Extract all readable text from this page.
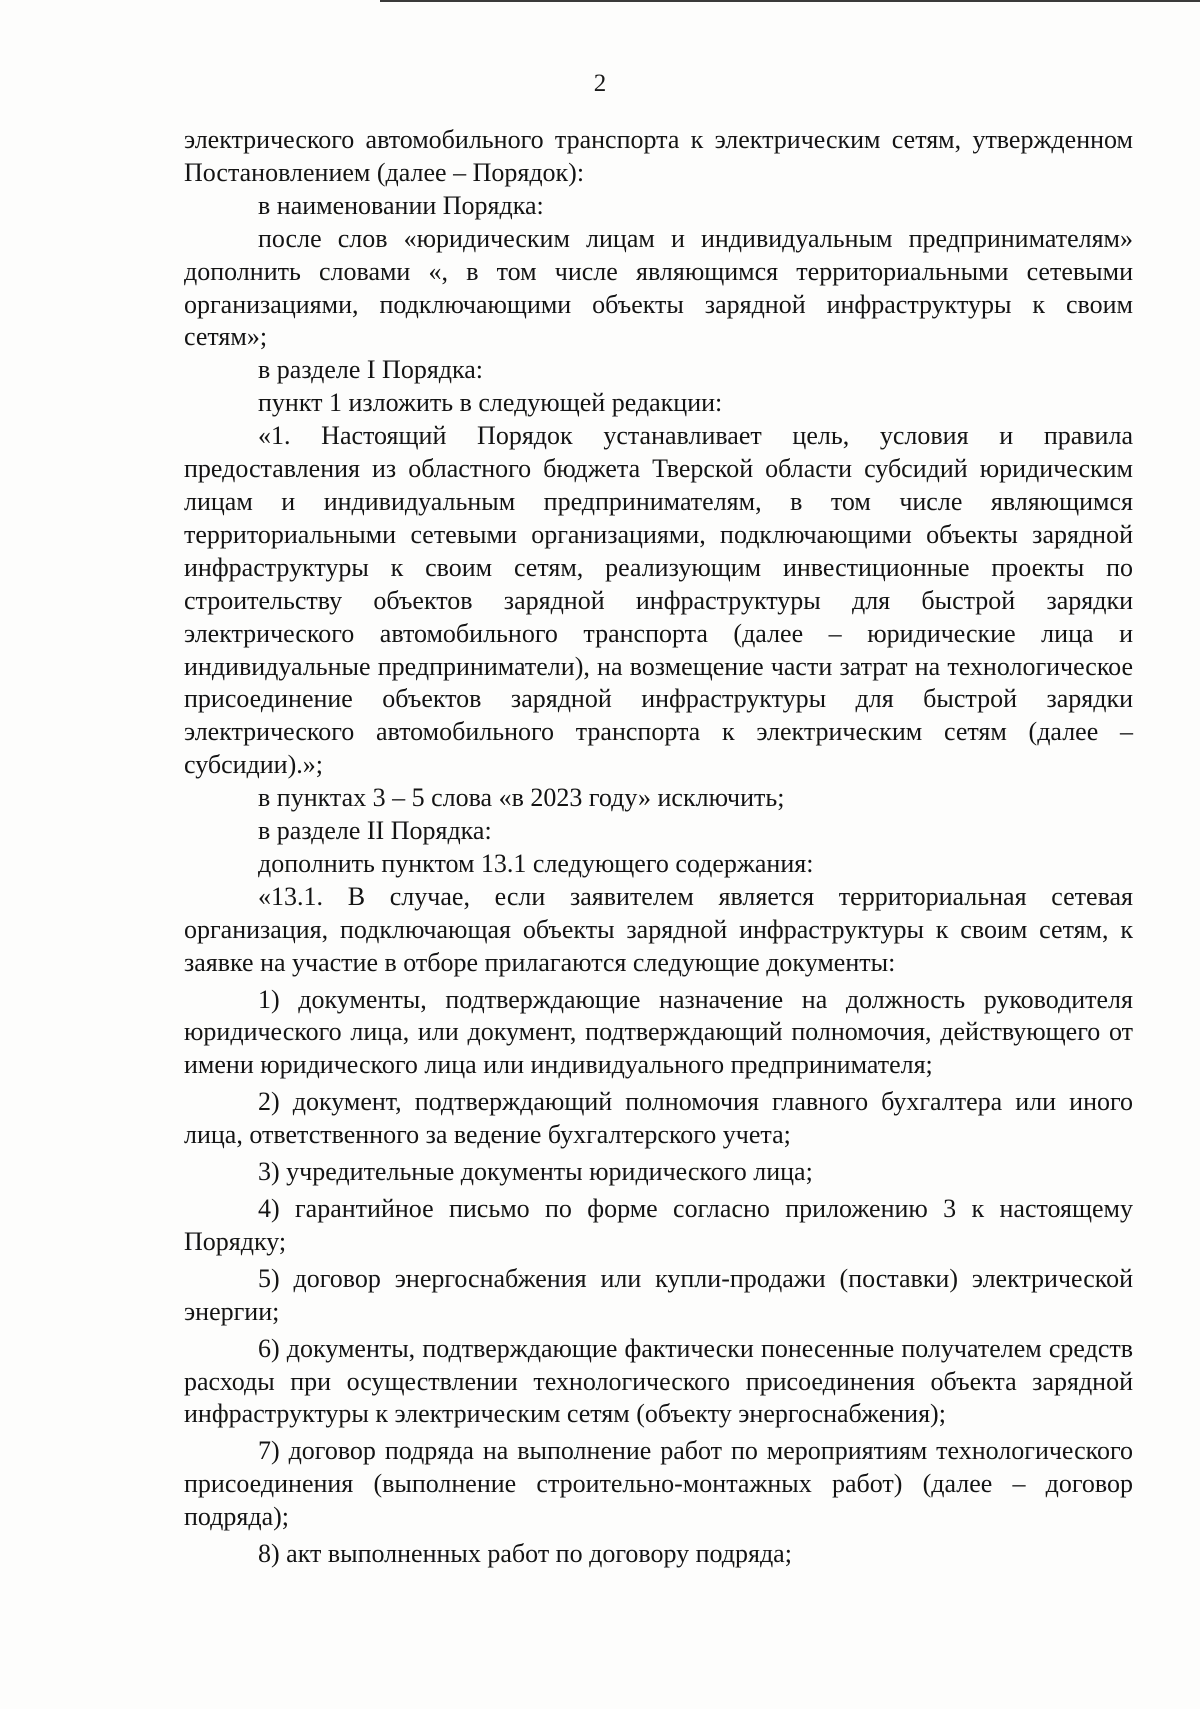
2

электрического автомобильного транспорта к электрическим сетям, утвержденном Постановлением (далее – Порядок):

в наименовании Порядка:

после слов «юридическим лицам и индивидуальным предпринимателям» дополнить словами «, в том числе являющимся территориальными сетевыми организациями, подключающими объекты зарядной инфраструктуры к своим сетям»;

в разделе I Порядка:

пункт 1 изложить в следующей редакции:

«1. Настоящий Порядок устанавливает цель, условия и правила предоставления из областного бюджета Тверской области субсидий юридическим лицам и индивидуальным предпринимателям, в том числе являющимся территориальными сетевыми организациями, подключающими объекты зарядной инфраструктуры к своим сетям, реализующим инвестиционные проекты по строительству объектов зарядной инфраструктуры для быстрой зарядки электрического автомобильного транспорта (далее – юридические лица и индивидуальные предприниматели), на возмещение части затрат на технологическое присоединение объектов зарядной инфраструктуры для быстрой зарядки электрического автомобильного транспорта к электрическим сетям (далее – субсидии).»;

в пунктах 3 – 5 слова «в 2023 году» исключить;

в разделе II Порядка:

дополнить пунктом 13.1 следующего содержания:

«13.1. В случае, если заявителем является территориальная сетевая организация, подключающая объекты зарядной инфраструктуры к своим сетям, к заявке на участие в отборе прилагаются следующие документы:

1) документы, подтверждающие назначение на должность руководителя юридического лица, или документ, подтверждающий полномочия, действующего от имени юридического лица или индивидуального предпринимателя;

2) документ, подтверждающий полномочия главного бухгалтера или иного лица, ответственного за ведение бухгалтерского учета;

3) учредительные документы юридического лица;

4) гарантийное письмо по форме согласно приложению 3 к настоящему Порядку;

5) договор энергоснабжения или купли-продажи (поставки) электрической энергии;

6) документы, подтверждающие фактически понесенные получателем средств расходы при осуществлении технологического присоединения объекта зарядной инфраструктуры к электрическим сетям (объекту энергоснабжения);

7) договор подряда на выполнение работ по мероприятиям технологического присоединения (выполнение строительно-монтажных работ) (далее – договор подряда);

8) акт выполненных работ по договору подряда;
